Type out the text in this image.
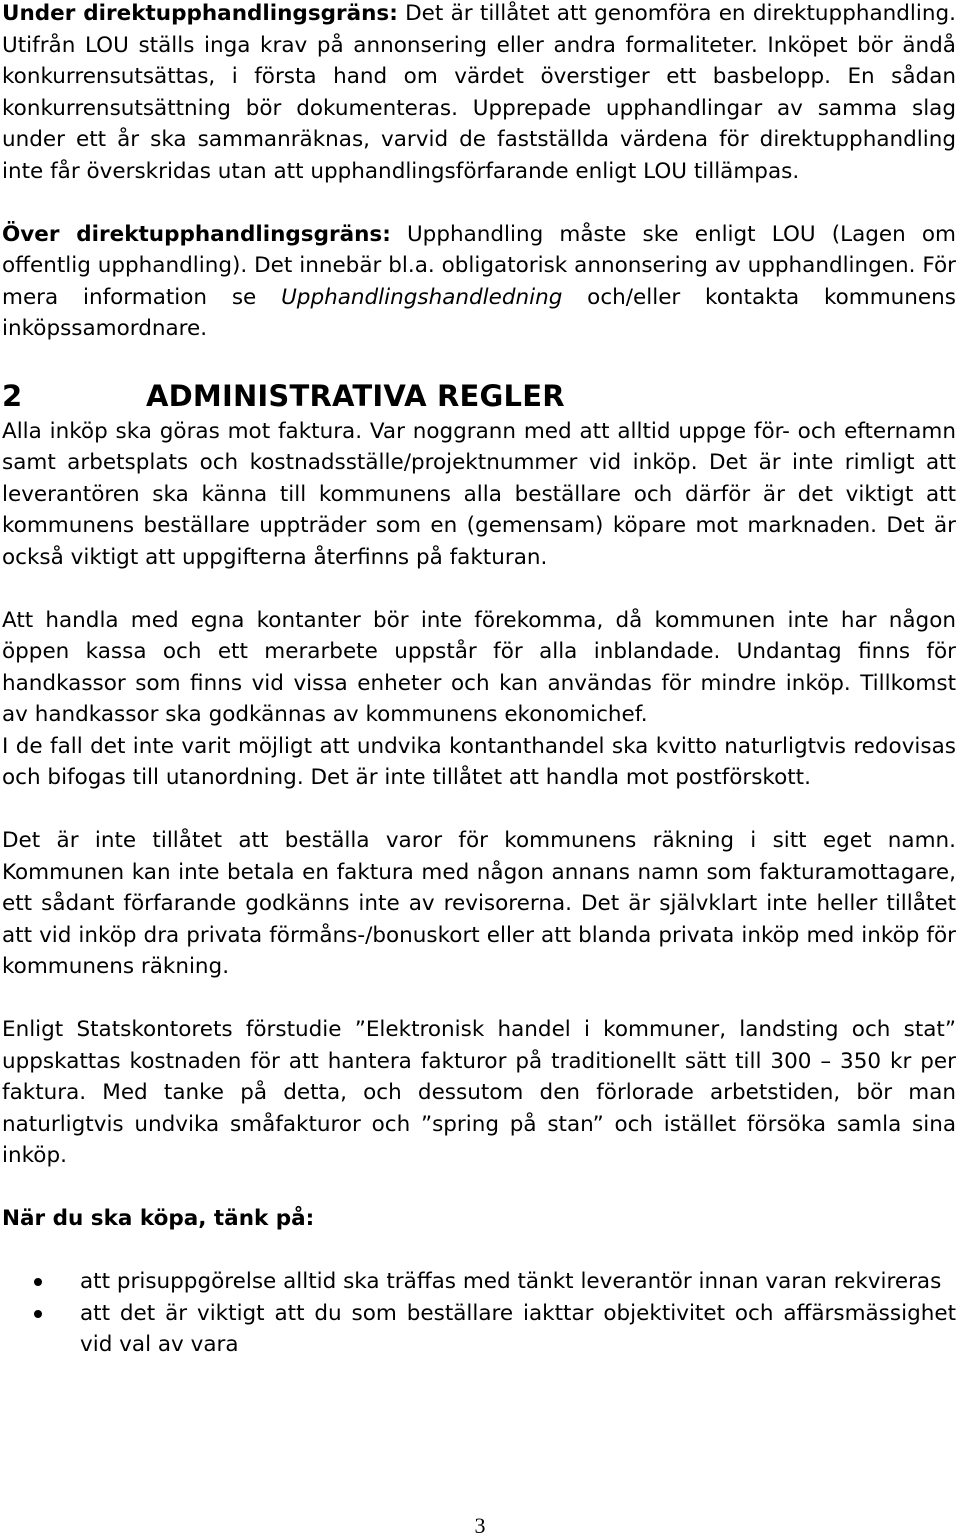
Under direktupphandlingsgräns: Det är tillåtet att genomföra en direktupphandling. Utifrån LOU ställs inga krav på annonsering eller andra formaliteter. Inköpet bör ändå konkurrensutsättas, i första hand om värdet överstiger ett basbelopp. En sådan konkurrensutsättning bör dokumenteras. Upprepade upphandlingar av samma slag under ett år ska sammanräknas, varvid de fastställda värdena för direktupphandling inte får överskridas utan att upphandlingsförfarande enligt LOU tillämpas.

Över direktupphandlingsgräns: Upphandling måste ske enligt LOU (Lagen om offentlig upphandling). Det innebär bl.a. obligatorisk annonsering av upphandlingen. För mera information se Upphandlingshandledning och/eller kontakta kommunens inköpssamordnare.

2	ADMINISTRATIVA REGLER

Alla inköp ska göras mot faktura. Var noggrann med att alltid uppge för- och efternamn samt arbetsplats och kostnadsställe/projektnummer vid inköp. Det är inte rimligt att leverantören ska känna till kommunens alla beställare och därför är det viktigt att kommunens beställare uppträder som en (gemensam) köpare mot marknaden. Det är också viktigt att uppgifterna återfinns på fakturan.

Att handla med egna kontanter bör inte förekomma, då kommunen inte har någon öppen kassa och ett merarbete uppstår för alla inblandade. Undantag finns för handkassor som finns vid vissa enheter och kan användas för mindre inköp. Tillkomst av handkassor ska godkännas av kommunens ekonomichef.

I de fall det inte varit möjligt att undvika kontanthandel ska kvitto naturligtvis redovisas och bifogas till utanordning. Det är inte tillåtet att handla mot postförskott.

Det är inte tillåtet att beställa varor för kommunens räkning i sitt eget namn. Kommunen kan inte betala en faktura med någon annans namn som fakturamottagare, ett sådant förfarande godkänns inte av revisorerna. Det är självklart inte heller tillåtet att vid inköp dra privata förmåns-/bonuskort eller att blanda privata inköp med inköp för kommunens räkning.

Enligt Statskontorets förstudie ”Elektronisk handel i kommuner, landsting och stat” uppskattas kostnaden för att hantera fakturor på traditionellt sätt till 300 – 350 kr per faktura. Med tanke på detta, och dessutom den förlorade arbetstiden, bör man naturligtvis undvika småfakturor och ”spring på stan” och istället försöka samla sina inköp.

När du ska köpa, tänk på:

att prisuppgörelse alltid ska träffas med tänkt leverantör innan varan rekvireras
att det är viktigt att du som beställare iakttar objektivitet och affärsmässighet vid val av vara
3
